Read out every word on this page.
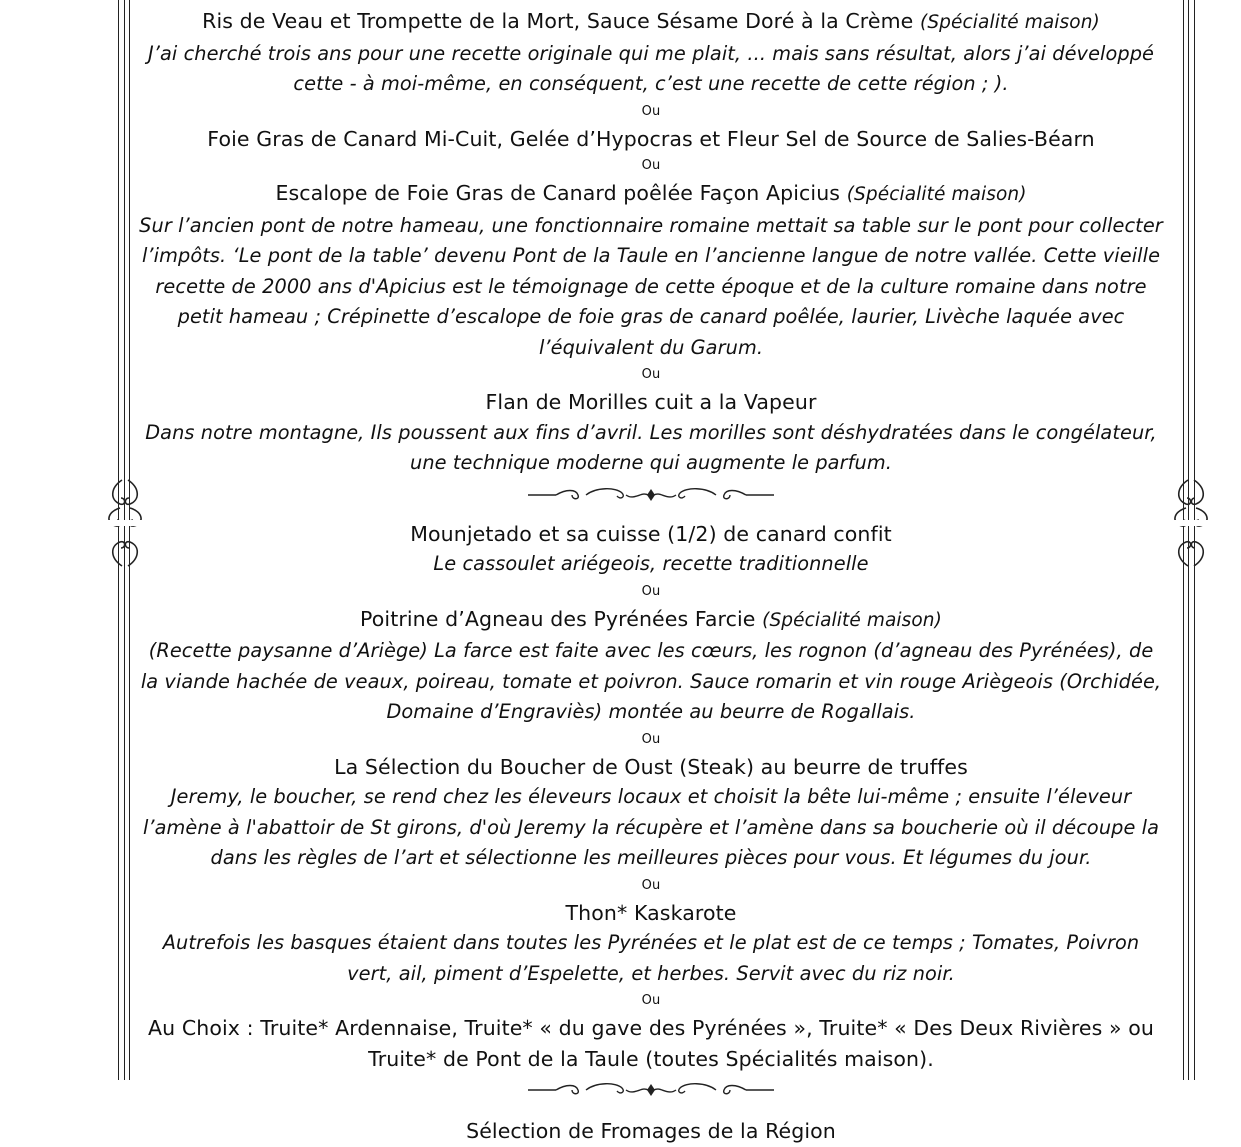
Ris de Veau et Trompette de la Mort, Sauce Sésame Doré à la Crème (Spécialité maison)
J’ai cherché trois ans pour une recette originale qui me plait, ... mais sans résultat, alors j’ai développé cette - à moi-même, en conséquent, c’est une recette de cette région ; ).
Ou
Foie Gras de Canard Mi-Cuit, Gelée d’Hypocras et Fleur Sel de Source de Salies-Béarn
Ou
Escalope de Foie Gras de Canard poêlée Façon Apicius (Spécialité maison)
Sur l’ancien pont de notre hameau, une fonctionnaire romaine mettait sa table sur le pont pour collecter l’impôts. ‘Le pont de la table’ devenu Pont de la Taule en l’ancienne langue de notre vallée. Cette vieille recette de 2000 ans d'Apicius est le témoignage de cette époque et de la culture romaine dans notre petit hameau ; Crépinette d’escalope de foie gras de canard poêlée, laurier, Livèche laquée avec l’équivalent du Garum.
Ou
Flan de Morilles cuit a la Vapeur
Dans notre montagne, Ils poussent aux fins d’avril. Les morilles sont déshydratées dans le congélateur, une technique moderne qui augmente le parfum.
Mounjetado et sa cuisse (1/2) de canard confit
Le cassoulet ariégeois, recette traditionnelle
Ou
Poitrine d’Agneau des Pyrénées Farcie (Spécialité maison)
(Recette paysanne d’Ariège) La farce est faite avec les cœurs, les rognon (d’agneau des Pyrénées), de la viande hachée de veaux, poireau, tomate et poivron. Sauce romarin et vin rouge Ariègeois (Orchidée, Domaine d’Engraviès) montée au beurre de Rogallais.
Ou
La Sélection du Boucher de Oust (Steak) au beurre de truffes
Jeremy, le boucher, se rend chez les éleveurs locaux et choisit la bête lui-même ; ensuite l’éleveur l’amène à l'abattoir de St girons, d'où Jeremy la récupère et l’amène dans sa boucherie où il découpe la dans les règles de l’art et sélectionne les meilleures pièces pour vous. Et légumes du jour.
Ou
Thon* Kaskarote
Autrefois les basques étaient dans toutes les Pyrénées et le plat est de ce temps ; Tomates, Poivron vert, ail, piment d’Espelette, et herbes. Servit avec du riz noir.
Ou
Au Choix : Truite* Ardennaise, Truite* « du gave des Pyrénées », Truite* « Des Deux Rivières » ou Truite* de Pont de la Taule (toutes Spécialités maison).
Sélection de Fromages de la Région
